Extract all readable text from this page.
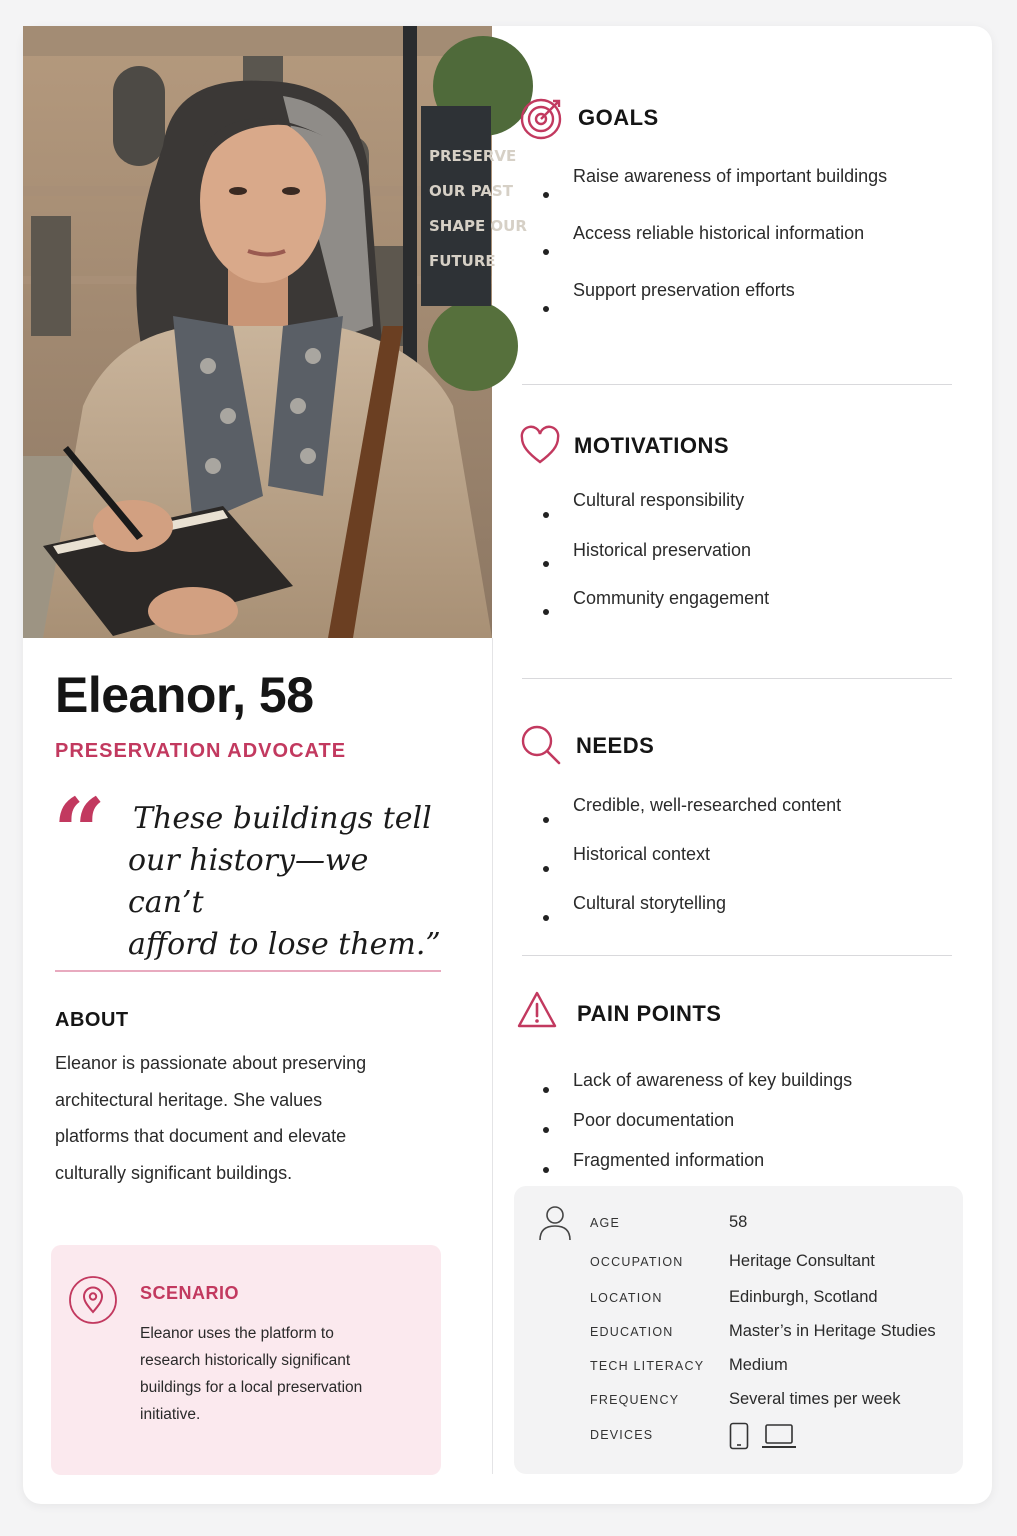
PRESERVE
OUR PAST
SHAPE OUR
FUTURE
Eleanor, 58
PRESERVATION ADVOCATE
“ These buildings tell
our history—we can’t
afford to lose them.”
ABOUT
Eleanor is passionate about preserving
architectural heritage. She values
platforms that document and elevate
culturally significant buildings.
SCENARIO
Eleanor uses the platform to
research historically significant
buildings for a local preservation
initiative.
GOALS
Raise awareness of important buildings
Access reliable historical information
Support preservation efforts
MOTIVATIONS
Cultural responsibility
Historical preservation
Community engagement
NEEDS
Credible, well-researched content
Historical context
Cultural storytelling
PAIN POINTS
Lack of awareness of key buildings
Poor documentation
Fragmented information
AGE	58
OCCUPATION	Heritage Consultant
LOCATION	Edinburgh, Scotland
EDUCATION	Master’s in Heritage Studies
TECH LITERACY Medium
FREQUENCY	Several times per week
DEVICES
